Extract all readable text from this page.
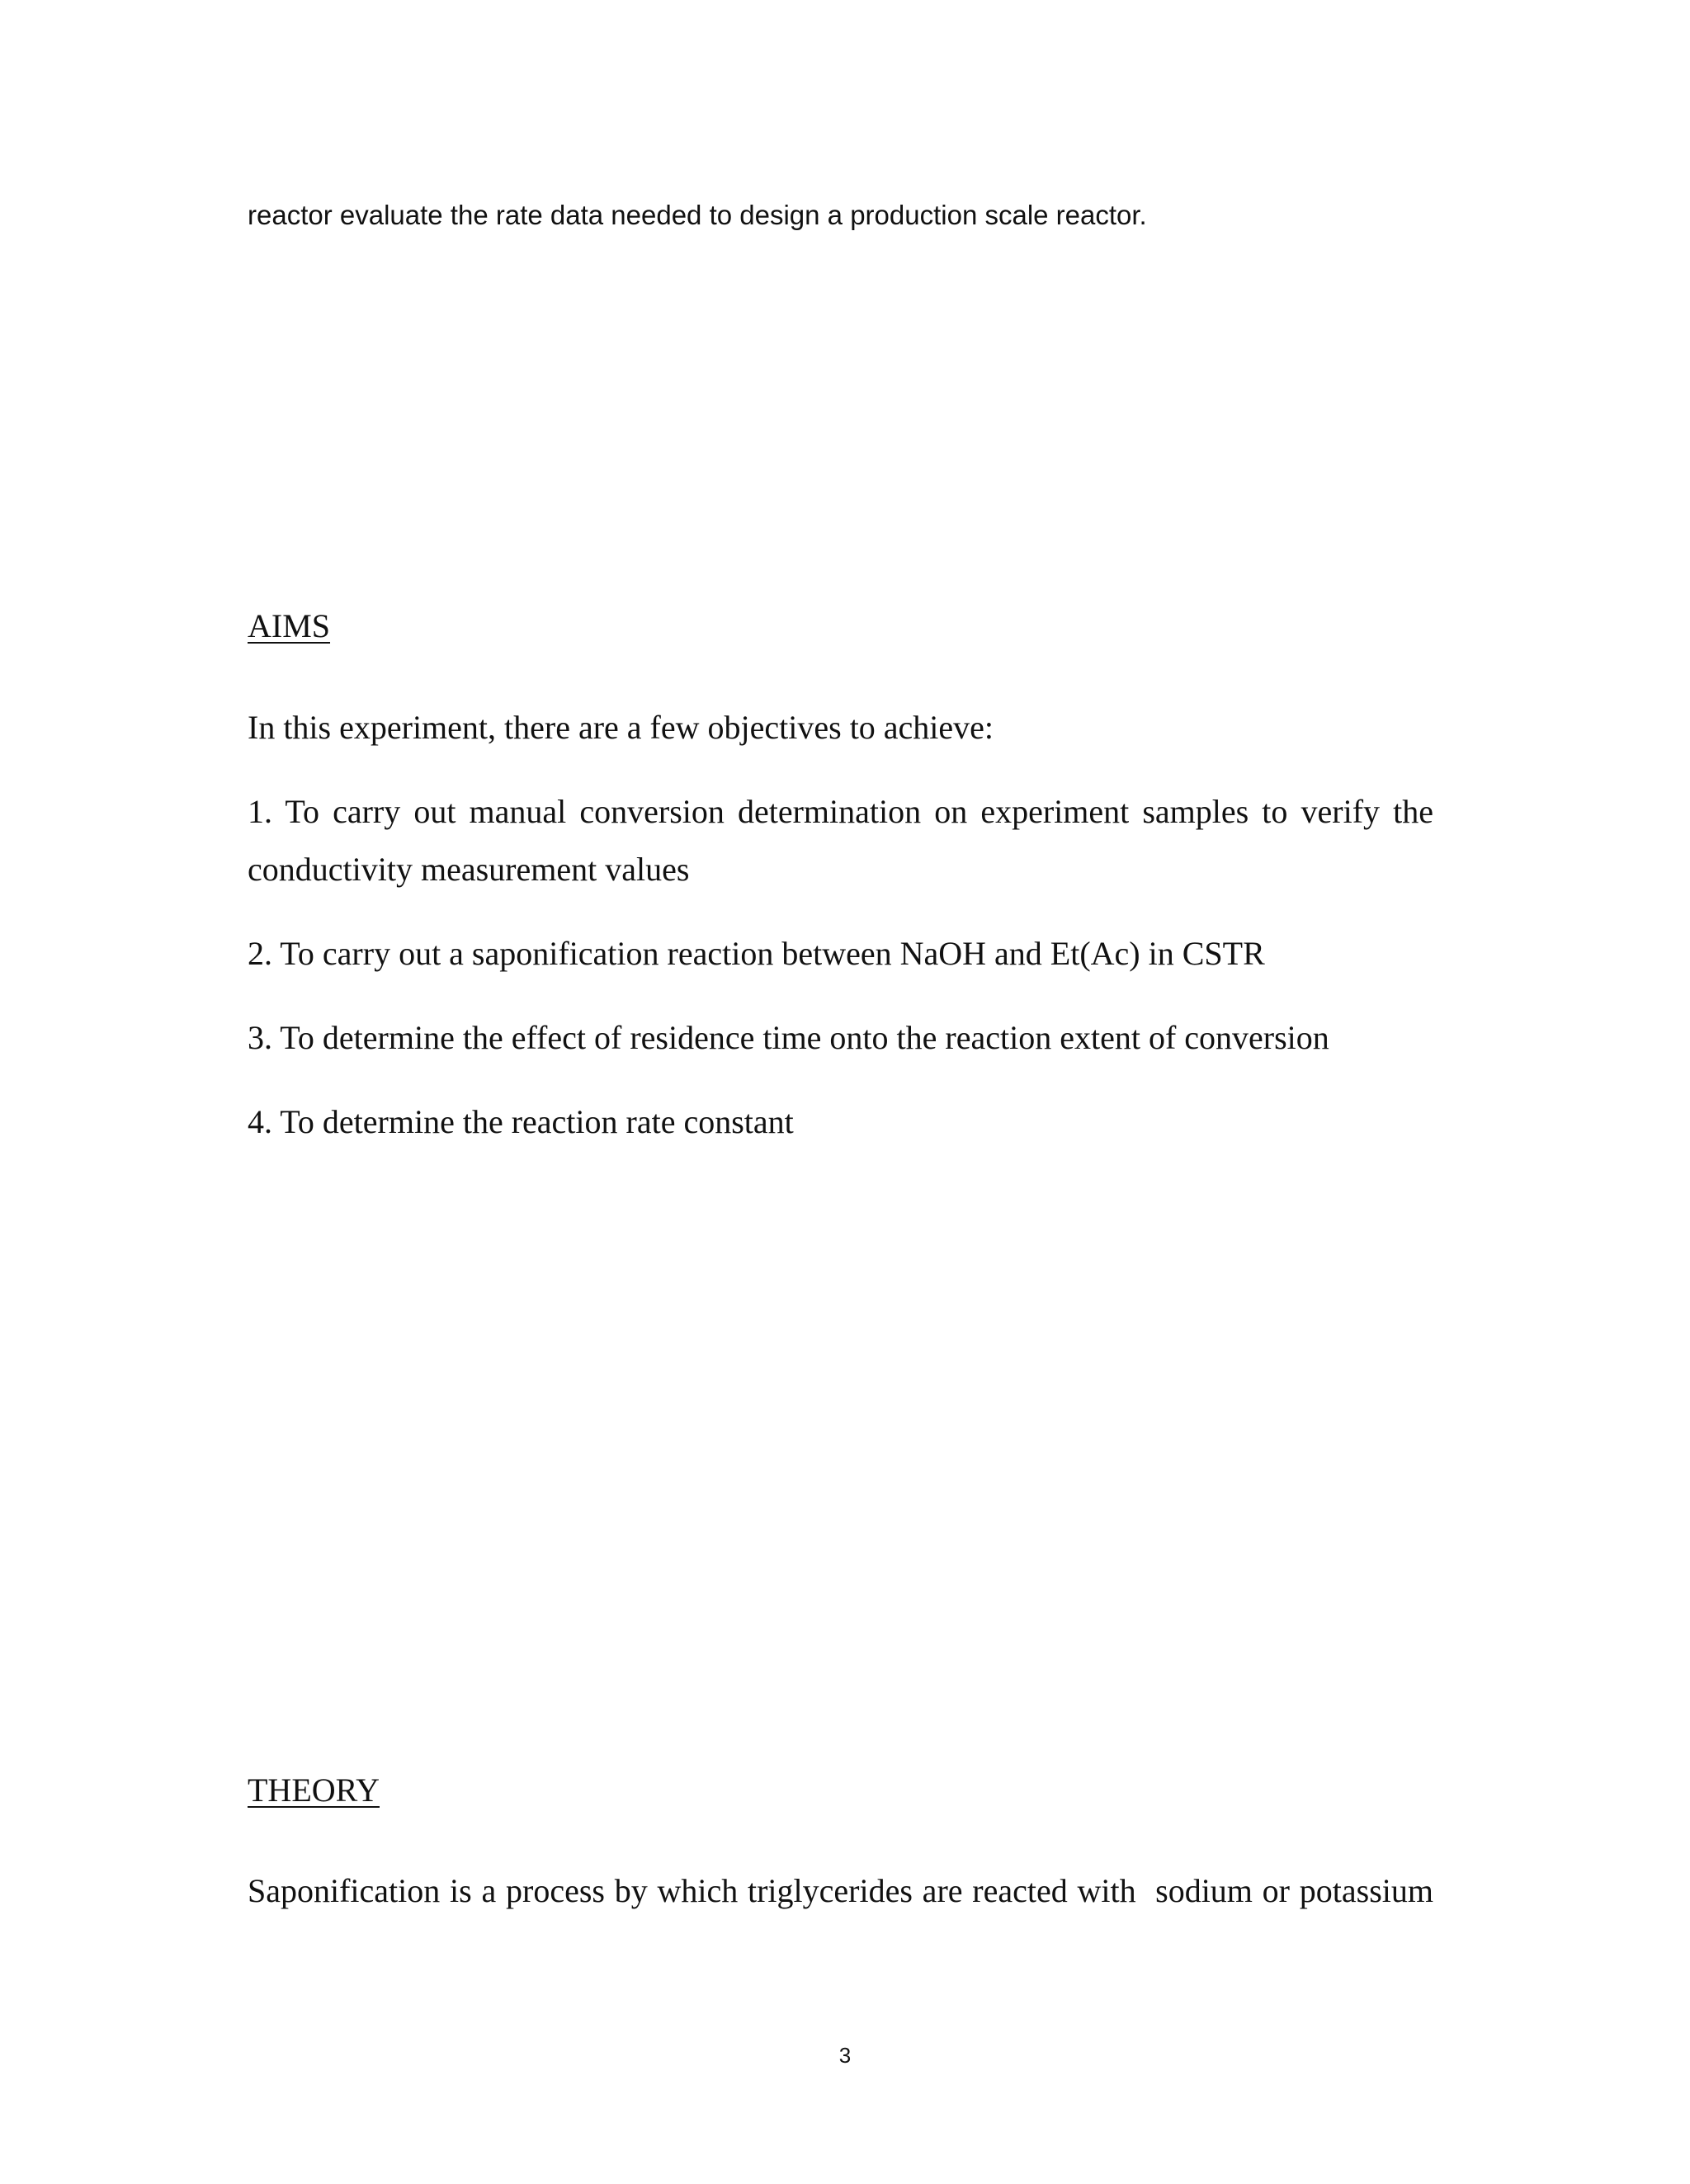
reactor evaluate the rate data needed to design a production scale reactor.
AIMS
In this experiment, there are a few objectives to achieve:
1. To carry out manual conversion determination on experiment samples to verify the
conductivity measurement values
2. To carry out a saponification reaction between NaOH and Et(Ac) in CSTR
3. To determine the effect of residence time onto the reaction extent of conversion
4. To determine the reaction rate constant
THEORY
Saponification is a process by which triglycerides are reacted with  sodium or potassium
3
